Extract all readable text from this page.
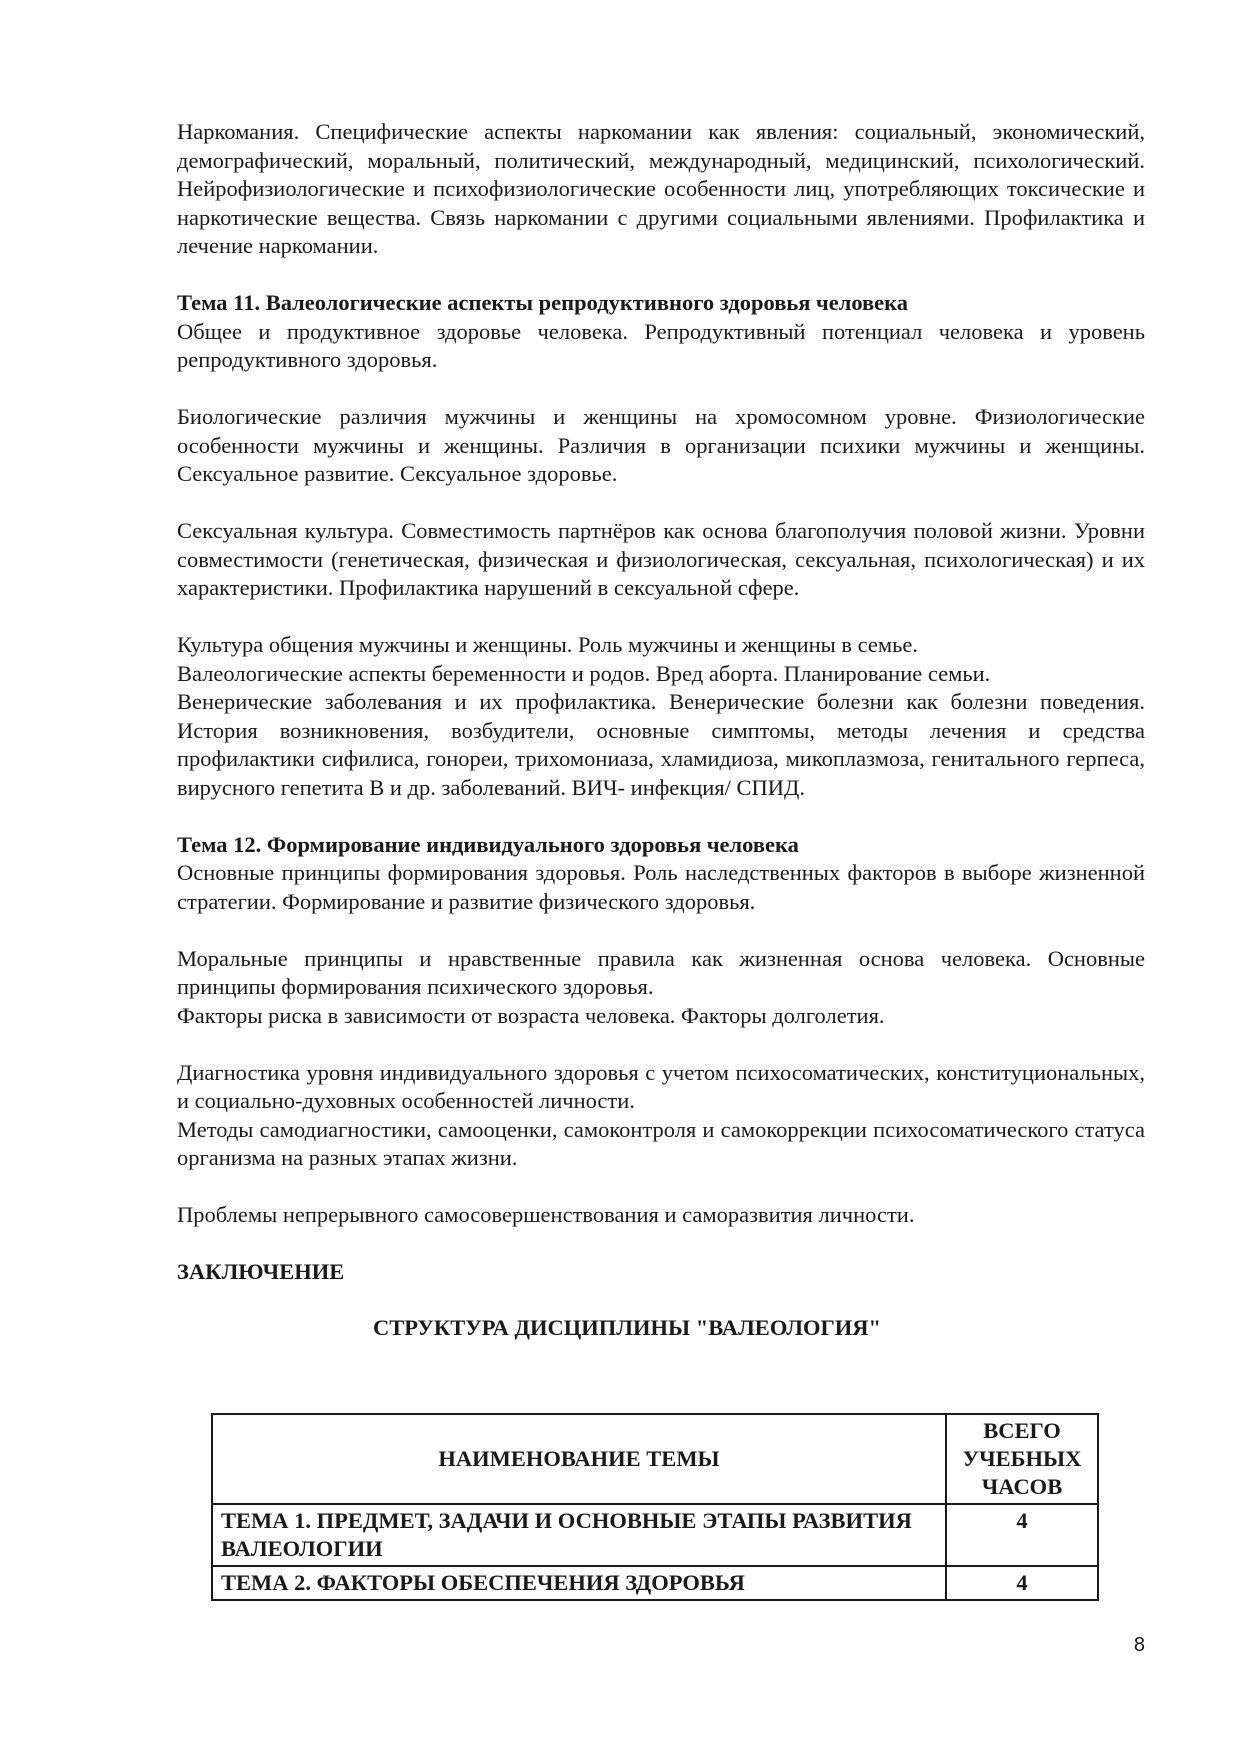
Наркомания. Специфические аспекты наркомании как явления: социальный, экономический, демографический, моральный, политический, международный, медицинский, психологический. Нейрофизиологические и психофизиологические особенности лиц, употребляющих токсические и наркотические вещества. Связь наркомании с другими социальными явлениями. Профилактика и лечение наркомании.

Тема 11. Валеологические аспекты репродуктивного здоровья человека

Общее и продуктивное здоровье человека. Репродуктивный потенциал человека и уровень репродуктивного здоровья.

Биологические различия мужчины и женщины на хромосомном уровне. Физиологические особенности мужчины и женщины. Различия в организации психики мужчины и женщины. Сексуальное развитие. Сексуальное здоровье.

Сексуальная культура. Совместимость партнёров как основа благополучия половой жизни. Уровни совместимости (генетическая, физическая и физиологическая, сексуальная, психологическая) и их характеристики. Профилактика нарушений в сексуальной сфере.

Культура общения мужчины и женщины. Роль мужчины и женщины в семье.

Валеологические аспекты беременности и родов. Вред аборта. Планирование семьи.

Венерические заболевания и их профилактика. Венерические болезни как болезни поведения. История возникновения, возбудители, основные симптомы, методы лечения и средства профилактики сифилиса, гонореи, трихомониаза, хламидиоза, микоплазмоза, генитального герпеса, вирусного гепетита В и др. заболеваний. ВИЧ- инфекция/ СПИД.

Тема 12. Формирование индивидуального здоровья человека

Основные принципы формирования здоровья. Роль наследственных факторов в выборе жизненной стратегии. Формирование и развитие физического здоровья.

Моральные принципы и нравственные правила как жизненная основа человека. Основные принципы формирования психического здоровья.

Факторы риска в зависимости от возраста человека. Факторы долголетия.

Диагностика уровня индивидуального здоровья с учетом психосоматических, конституциональных, и социально-духовных особенностей личности.

Методы самодиагностики, самооценки, самоконтроля и самокоррекции психосоматического статуса организма на разных этапах жизни.

Проблемы непрерывного самосовершенствования и саморазвития личности.

ЗАКЛЮЧЕНИЕ

СТРУКТУРА ДИСЦИПЛИНЫ "ВАЛЕОЛОГИЯ"

НАИМЕНОВАНИЕ ТЕМЫ	ВСЕГО УЧЕБНЫХ ЧАСОВ
ТЕМА 1. ПРЕДМЕТ, ЗАДАЧИ И ОСНОВНЫЕ ЭТАПЫ РАЗВИТИЯ ВАЛЕОЛОГИИ	4
ТЕМА 2. ФАКТОРЫ ОБЕСПЕЧЕНИЯ ЗДОРОВЬЯ	4
8
